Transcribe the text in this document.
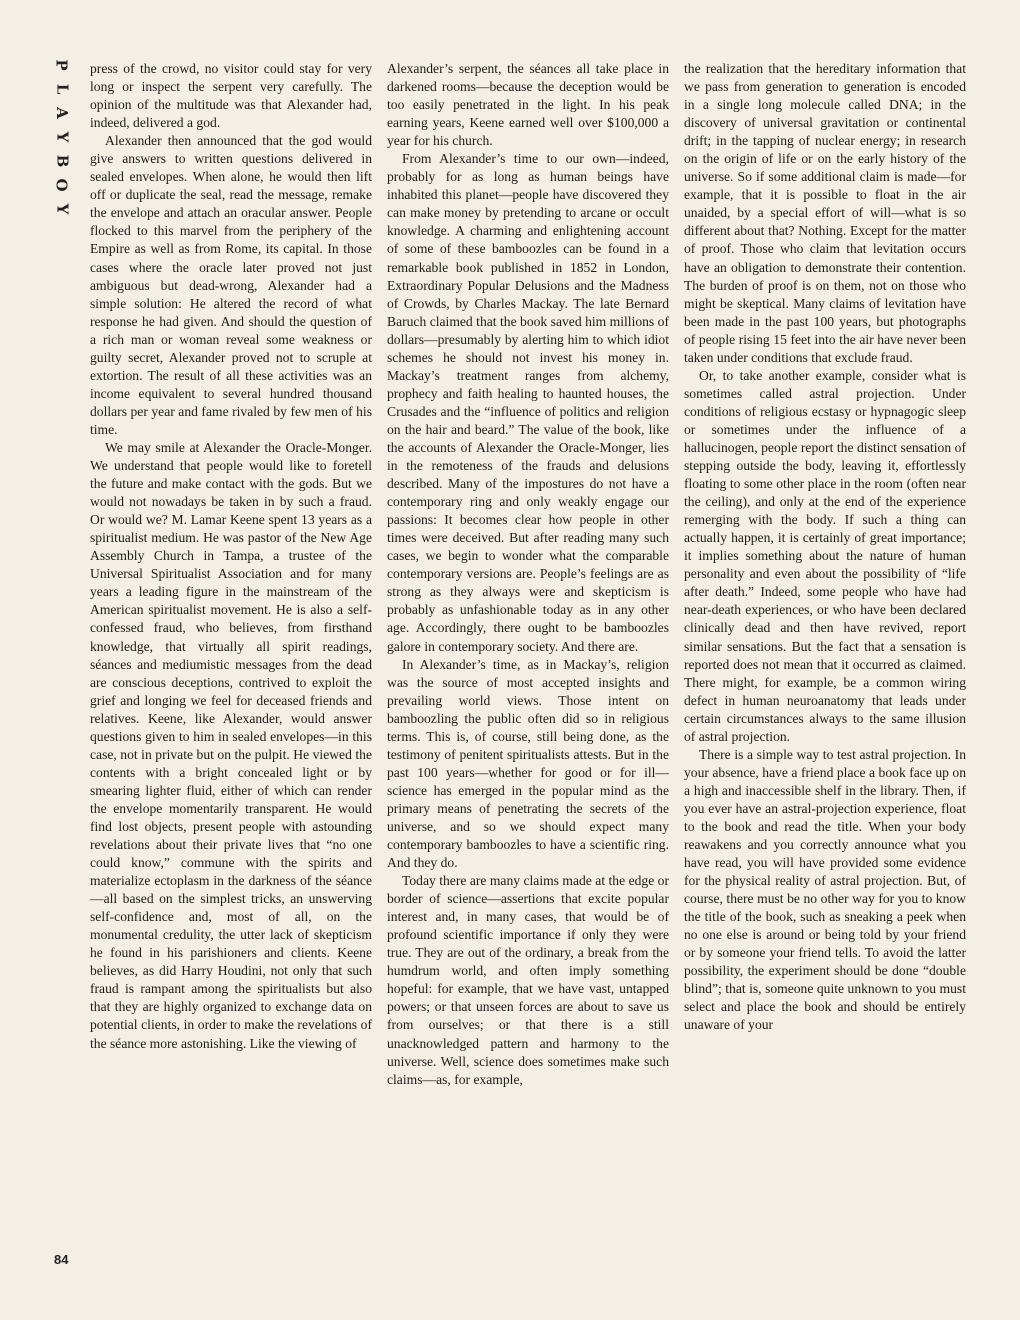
P
L
A
Y
B
O
Y

press of the crowd, no visitor could stay for very long or inspect the serpent very carefully. The opinion of the multitude was that Alexander had, indeed, delivered a god.

Alexander then announced that the god would give answers to written questions delivered in sealed envelopes. When alone, he would then lift off or duplicate the seal, read the message, remake the envelope and attach an oracular answer. People flocked to this marvel from the periphery of the Empire as well as from Rome, its capital. In those cases where the oracle later proved not just ambiguous but dead-wrong, Alexander had a simple solution: He altered the record of what response he had given. And should the question of a rich man or woman reveal some weakness or guilty secret, Alexander proved not to scruple at extortion. The result of all these activities was an income equivalent to several hundred thousand dollars per year and fame rivaled by few men of his time.

We may smile at Alexander the Oracle-Monger. We understand that people would like to foretell the future and make contact with the gods. But we would not nowadays be taken in by such a fraud. Or would we? M. Lamar Keene spent 13 years as a spiritualist medium. He was pastor of the New Age Assembly Church in Tampa, a trustee of the Universal Spiritualist Association and for many years a leading figure in the mainstream of the American spiritualist movement. He is also a self-confessed fraud, who believes, from firsthand knowledge, that virtually all spirit readings, séances and mediumistic messages from the dead are conscious deceptions, contrived to exploit the grief and longing we feel for deceased friends and relatives. Keene, like Alexander, would answer questions given to him in sealed envelopes—in this case, not in private but on the pulpit. He viewed the contents with a bright concealed light or by smearing lighter fluid, either of which can render the envelope momentarily transparent. He would find lost objects, present people with astounding revelations about their private lives that “no one could know,” commune with the spirits and materialize ectoplasm in the darkness of the séance—all based on the simplest tricks, an unswerving self-confidence and, most of all, on the monumental credulity, the utter lack of skepticism he found in his parishioners and clients. Keene believes, as did Harry Houdini, not only that such fraud is rampant among the spiritualists but also that they are highly organized to exchange data on potential clients, in order to make the revelations of the séance more astonishing. Like the viewing of

Alexander’s serpent, the séances all take place in darkened rooms—because the deception would be too easily penetrated in the light. In his peak earning years, Keene earned well over $100,000 a year for his church.

From Alexander’s time to our own—indeed, probably for as long as human beings have inhabited this planet—people have discovered they can make money by pretending to arcane or occult knowledge. A charming and enlightening account of some of these bamboozles can be found in a remarkable book published in 1852 in London, Extraordinary Popular Delusions and the Madness of Crowds, by Charles Mackay. The late Bernard Baruch claimed that the book saved him millions of dollars—presumably by alerting him to which idiot schemes he should not invest his money in. Mackay’s treatment ranges from alchemy, prophecy and faith healing to haunted houses, the Crusades and the “influence of politics and religion on the hair and beard.” The value of the book, like the accounts of Alexander the Oracle-Monger, lies in the remoteness of the frauds and delusions described. Many of the impostures do not have a contemporary ring and only weakly engage our passions: It becomes clear how people in other times were deceived. But after reading many such cases, we begin to wonder what the comparable contemporary versions are. People’s feelings are as strong as they always were and skepticism is probably as unfashionable today as in any other age. Accordingly, there ought to be bamboozles galore in contemporary society. And there are.

In Alexander’s time, as in Mackay’s, religion was the source of most accepted insights and prevailing world views. Those intent on bamboozling the public often did so in religious terms. This is, of course, still being done, as the testimony of penitent spiritualists attests. But in the past 100 years—whether for good or for ill—science has emerged in the popular mind as the primary means of penetrating the secrets of the universe, and so we should expect many contemporary bamboozles to have a scientific ring. And they do.

Today there are many claims made at the edge or border of science—assertions that excite popular interest and, in many cases, that would be of profound scientific importance if only they were true. They are out of the ordinary, a break from the humdrum world, and often imply something hopeful: for example, that we have vast, untapped powers; or that unseen forces are about to save us from ourselves; or that there is a still unacknowledged pattern and harmony to the universe. Well, science does sometimes make such claims—as, for example,

the realization that the hereditary information that we pass from generation to generation is encoded in a single long molecule called DNA; in the discovery of universal gravitation or continental drift; in the tapping of nuclear energy; in research on the origin of life or on the early history of the universe. So if some additional claim is made—for example, that it is possible to float in the air unaided, by a special effort of will—what is so different about that? Nothing. Except for the matter of proof. Those who claim that levitation occurs have an obligation to demonstrate their contention. The burden of proof is on them, not on those who might be skeptical. Many claims of levitation have been made in the past 100 years, but photographs of people rising 15 feet into the air have never been taken under conditions that exclude fraud.

Or, to take another example, consider what is sometimes called astral projection. Under conditions of religious ecstasy or hypnagogic sleep or sometimes under the influence of a hallucinogen, people report the distinct sensation of stepping outside the body, leaving it, effortlessly floating to some other place in the room (often near the ceiling), and only at the end of the experience remerging with the body. If such a thing can actually happen, it is certainly of great importance; it implies something about the nature of human personality and even about the possibility of “life after death.” Indeed, some people who have had near-death experiences, or who have been declared clinically dead and then have revived, report similar sensations. But the fact that a sensation is reported does not mean that it occurred as claimed. There might, for example, be a common wiring defect in human neuroanatomy that leads under certain circumstances always to the same illusion of astral projection.

There is a simple way to test astral projection. In your absence, have a friend place a book face up on a high and inaccessible shelf in the library. Then, if you ever have an astral-projection experience, float to the book and read the title. When your body reawakens and you correctly announce what you have read, you will have provided some evidence for the physical reality of astral projection. But, of course, there must be no other way for you to know the title of the book, such as sneaking a peek when no one else is around or being told by your friend or by someone your friend tells. To avoid the latter possibility, the experiment should be done “double blind”; that is, someone quite unknown to you must select and place the book and should be entirely unaware of your

84
